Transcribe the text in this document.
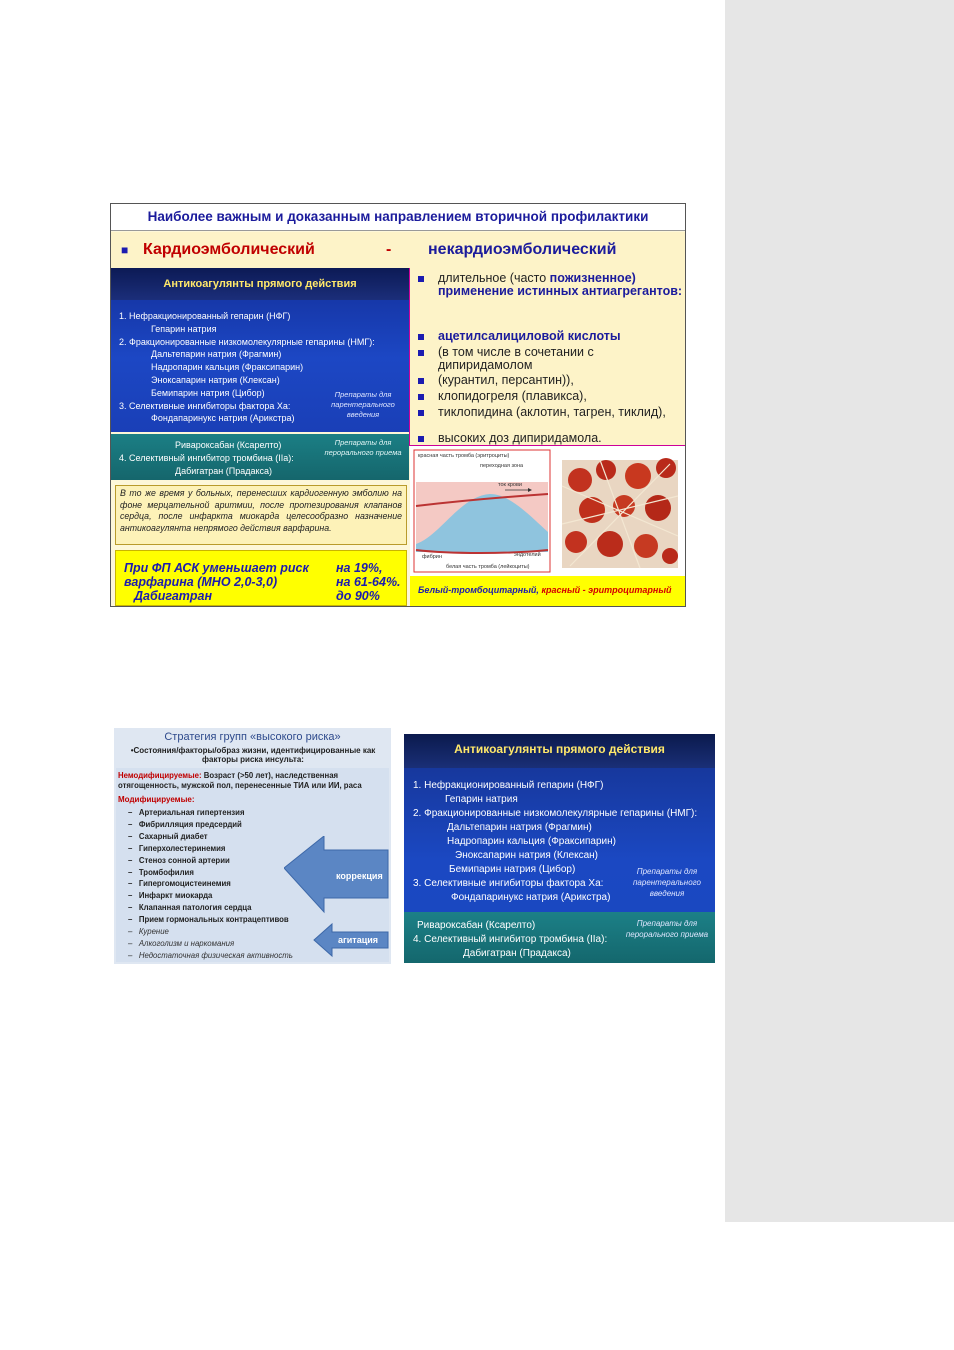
Наиболее важным и доказанным направлением вторичной профилактики
■ Кардиоэмболический	- некардиоэмболический
Антикоагулянты прямого действия
1. Нефракционированный гепарин (НФГ)
Гепарин натрия
2. Фракционированные низкомолекулярные гепарины (НМГ):
Дальтепарин натрия (Фрагмин)
Надропарин кальция (Фраксипарин)
Эноксапарин натрия (Клексан)
Бемипарин натрия (Цибор)
3. Селективные ингибиторы фактора Ха:
Фондапаринукс натрия (Арикстра)
Препараты для парентерального введения
Ривароксабан (Ксарелто)
4. Селективный ингибитор тромбина (IIa):
Дабигатран (Прадакса)
Препараты для перорального приема
В то же время у больных, перенесших кардиогенную эмболию на фоне мерцательной аритмии, после протезирования клапанов сердца, после инфаркта миокарда целесообразно назначение антикоагулянта непрямого действия варфарина.
При ФП АСК уменьшает риск на 19%,
варфарина (МНО 2,0-3,0)	на 61-64%.
Дабигатран	до 90%
длительное (часто пожизненное) применение истинных антиагрегантов:
ацетилсалициловой кислоты
(в том числе в сочетании с дипиридамолом
(курантил, персантин)),
клопидогреля (плавикса),
тиклопидина (аклотин, тагрен, тиклид),
высоких доз дипиридамола.
красная часть тромба (эритроциты)
переходная зона
ток крови
фибрин	эндотелий
белая часть тромба (лейкоциты)
Белый-тромбоцитарный, красный - эритроцитарный
Стратегия групп «высокого риска»
•Состояния/факторы/образ жизни, идентифицированные как факторы риска инсульта:
Немодифицируемые: Возраст (>50 лет), наследственная отягощенность, мужской пол, перенесенные ТИА или ИИ, раса
Модифицируемые:
–   Артериальная гипертензия
–   Фибрилляция предсердий
–   Сахарный диабет
–   Гиперхолестеринемия
–   Стеноз сонной артерии
–   Тромбофилия
–   Гипергомоцистеинемия
–   Инфаркт миокарда
–   Клапанная патология сердца
–   Прием гормональных контрацептивов
–   Курение
–   Алкоголизм и наркомания
–   Недостаточная физическая активность
коррекция
агитация
Антикоагулянты прямого действия
1. Нефракционированный гепарин (НФГ)
Гепарин натрия
2. Фракционированные низкомолекулярные гепарины (НМГ):
Дальтепарин натрия (Фрагмин)
Надропарин кальция (Фраксипарин)
Эноксапарин натрия (Клексан)
Бемипарин натрия (Цибор)
3. Селективные ингибиторы фактора Ха:
Фондапаринукс натрия (Арикстра)
Препараты для парентерального введения
Ривароксабан (Ксарелто)
4. Селективный ингибитор тромбина (IIa):
Дабигатран (Прадакса)
Препараты для перорального приема
